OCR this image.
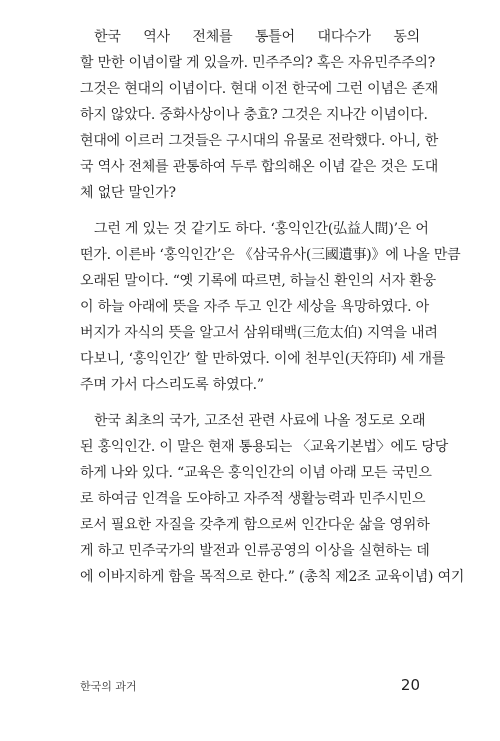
한국 역사 전체를 통틀어 대다수가 동의
할 만한 이념이랄 게 있을까. 민주주의? 혹은 자유민주주의?
그것은 현대의 이념이다. 현대 이전 한국에 그런 이념은 존재
하지 않았다. 중화사상이나 충효? 그것은 지나간 이념이다.
현대에 이르러 그것들은 구시대의 유물로 전락했다. 아니, 한
국 역사 전체를 관통하여 두루 합의해온 이념 같은 것은 도대
체 없단 말인가?
그런 게 있는 것 같기도 하다. ‘홍익인간(弘益人間)’은 어
떤가. 이른바 ‘홍익인간’은 《삼국유사(三國遺事)》에 나올 만큼
오래된 말이다. “옛 기록에 따르면, 하늘신 환인의 서자 환웅
이 하늘 아래에 뜻을 자주 두고 인간 세상을 욕망하였다. 아
버지가 자식의 뜻을 알고서 삼위태백(三危太伯) 지역을 내려
다보니, ‘홍익인간’ 할 만하였다. 이에 천부인(天符印) 세 개를
주며 가서 다스리도록 하였다.”
한국 최초의 국가, 고조선 관련 사료에 나올 정도로 오래
된 홍익인간. 이 말은 현재 통용되는 〈교육기본법〉에도 당당
하게 나와 있다. “교육은 홍익인간의 이념 아래 모든 국민으
로 하여금 인격을 도야하고 자주적 생활능력과 민주시민으
로서 필요한 자질을 갖추게 함으로써 인간다운 삶을 영위하
게 하고 민주국가의 발전과 인류공영의 이상을 실현하는 데
에 이바지하게 함을 목적으로 한다.” (총칙 제2조 교육이념) 여기
한국의 과거	20
